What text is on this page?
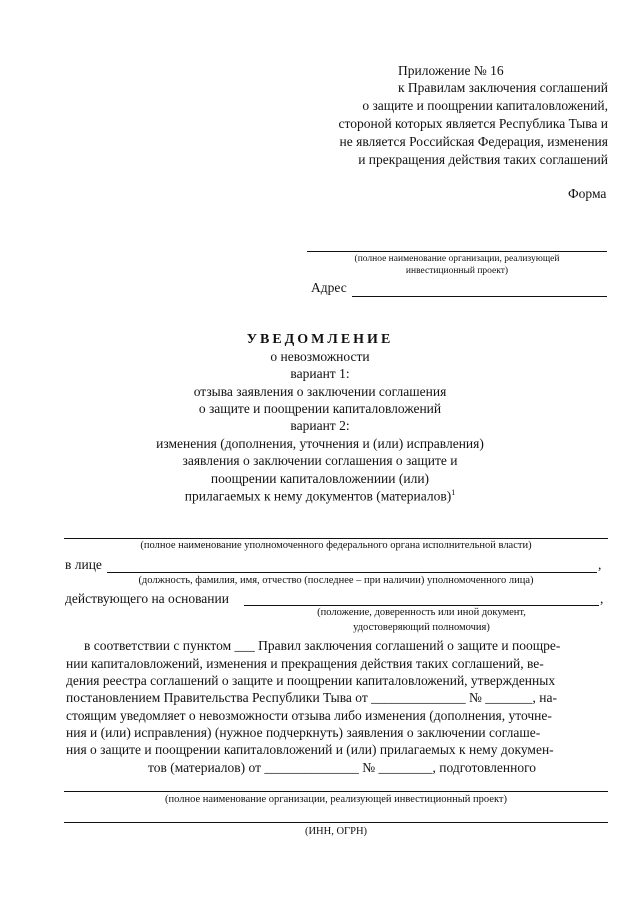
Приложение № 16
к Правилам заключения соглашений
о защите и поощрении капиталовложений,
стороной которых является Республика Тыва и
не является Российская Федерация, изменения
и прекращения действия таких соглашений
Форма
(полное наименование организации, реализующей
инвестиционный проект)
Адрес
УВЕДОМЛЕНИЕ
о невозможности
вариант 1:
отзыва заявления о заключении соглашения
о защите и поощрении капиталовложений
вариант 2:
изменения (дополнения, уточнения и (или) исправления)
заявления о заключении соглашения о защите и
поощрении капиталовложениии (или)
прилагаемых к нему документов (материалов)$^1$
(полное наименование уполномоченного федерального органа исполнительной власти)
в лице	,
(должность, фамилия, имя, отчество (последнее – при наличии) уполномоченного лица)
действующего на основании	,
(положение, доверенность или иной документ,
удостоверяющий полномочия)
в соответствии с пунктом ___ Правил заключения соглашений о защите и поощре-
нии капиталовложений, изменения и прекращения действия таких соглашений, ве-
дения реестра соглашений о защите и поощрении капиталовложений, утвержденных
постановлением Правительства Республики Тыва от ______________ № _______, на-
стоящим уведомляет о невозможности отзыва либо изменения (дополнения, уточне-
ния и (или) исправления) (нужное подчеркнуть) заявления о заключении соглаше-
ния о защите и поощрении капиталовложений и (или) прилагаемых к нему докумен-
тов (материалов) от ______________ № ________, подготовленного
(полное наименование организации, реализующей инвестиционный проект)
(ИНН, ОГРН)
